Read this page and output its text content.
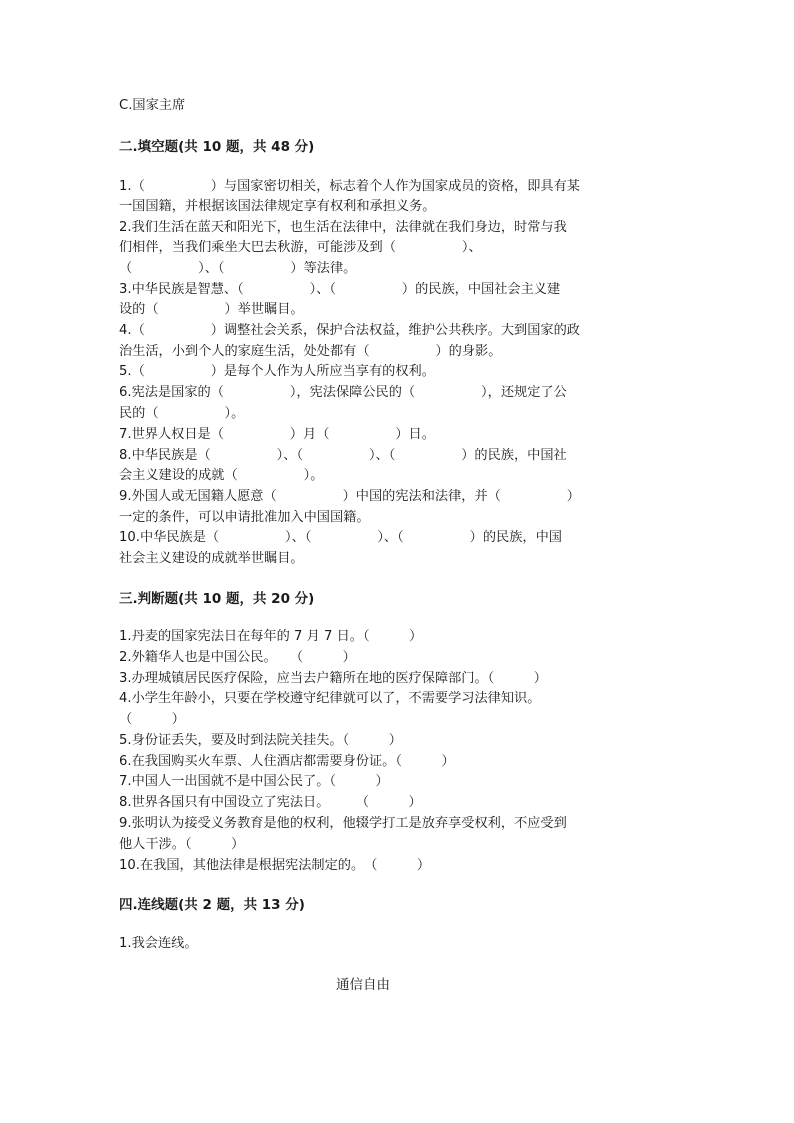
C.国家主席
二.填空题(共 10 题，共 48 分)
1.（　　　　　）与国家密切相关，标志着个人作为国家成员的资格，即具有某
一国国籍，并根据该国法律规定享有权利和承担义务。
2.我们生活在蓝天和阳光下，也生活在法律中，法律就在我们身边，时常与我
们相伴，当我们乘坐大巴去秋游，可能涉及到（　　　　　）、
（　　　　　）、（　　　　　）等法律。
3.中华民族是智慧、（　　　　　）、（　　　　　）的民族，中国社会主义建
设的（　　　　　）举世瞩目。
4.（　　　　　）调整社会关系，保护合法权益，维护公共秩序。大到国家的政
治生活，小到个人的家庭生活，处处都有（　　　　　）的身影。
5.（　　　　　）是每个人作为人所应当享有的权利。
6.宪法是国家的（　　　　　），宪法保障公民的（　　　　　），还规定了公
民的（　　　　　）。
7.世界人权日是（　　　　　）月（　　　　　）日。
8.中华民族是（　　　　　）、（　　　　　）、（　　　　　）的民族，中国社
会主义建设的成就（　　　　　）。
9.外国人或无国籍人愿意（　　　　　）中国的宪法和法律，并（　　　　　）
一定的条件，可以申请批准加入中国国籍。
10.中华民族是（　　　　　）、（　　　　　）、（　　　　　）的民族，中国
社会主义建设的成就举世瞩目。
三.判断题(共 10 题，共 20 分)
1.丹麦的国家宪法日在每年的 7 月 7 日。（　　　）
2.外籍华人也是中国公民。　　（　　　）
3.办理城镇居民医疗保险，应当去户籍所在地的医疗保障部门。（　　　）
4.小学生年龄小，只要在学校遵守纪律就可以了，不需要学习法律知识。
（　　　）
5.身份证丢失，要及时到法院关挂失。（　　　）
6.在我国购买火车票、人住酒店都需要身份证。（　　　）
7.中国人一出国就不是中国公民了。（　　　）
8.世界各国只有中国设立了宪法日。　　　（　　　）
9.张明认为接受义务教育是他的权利，他辍学打工是放弃享受权利，不应受到
他人干涉。（　　　）
10.在我国，其他法律是根据宪法制定的。　（　　　）
四.连线题(共 2 题，共 13 分)
1.我会连线。
通信自由
